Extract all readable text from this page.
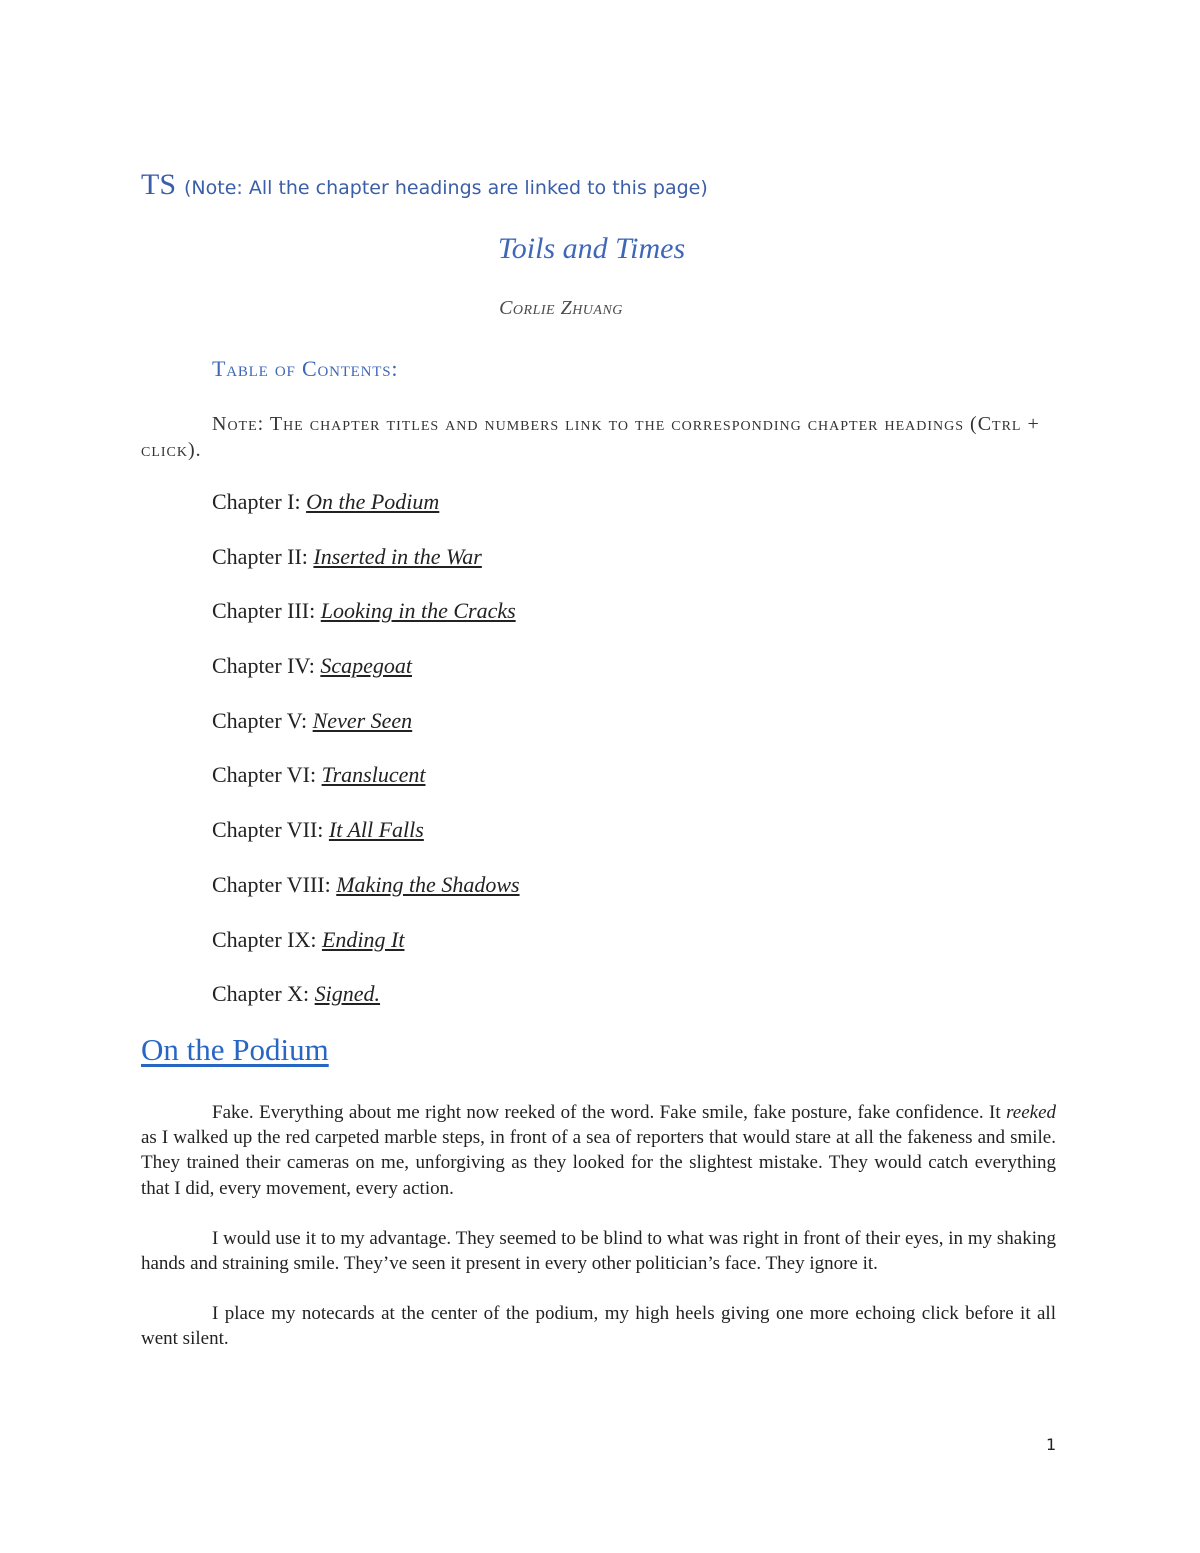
TS (Note: All the chapter headings are linked to this page)
Toils and Times
Corlie Zhuang
Table of Contents:
Note: The chapter titles and numbers link to the corresponding chapter headings (Ctrl + click).
Chapter I: On the Podium
Chapter II: Inserted in the War
Chapter III: Looking in the Cracks
Chapter IV: Scapegoat
Chapter V: Never Seen
Chapter VI: Translucent
Chapter VII: It All Falls
Chapter VIII: Making the Shadows
Chapter IX: Ending It
Chapter X: Signed.
On the Podium

Fake. Everything about me right now reeked of the word. Fake smile, fake posture, fake confidence. It reeked as I walked up the red carpeted marble steps, in front of a sea of reporters that would stare at all the fakeness and smile. They trained their cameras on me, unforgiving as they looked for the slightest mistake. They would catch everything that I did, every movement, every action.

I would use it to my advantage. They seemed to be blind to what was right in front of their eyes, in my shaking hands and straining smile. They’ve seen it present in every other politician’s face. They ignore it.

I place my notecards at the center of the podium, my high heels giving one more echoing click before it all went silent.

1
